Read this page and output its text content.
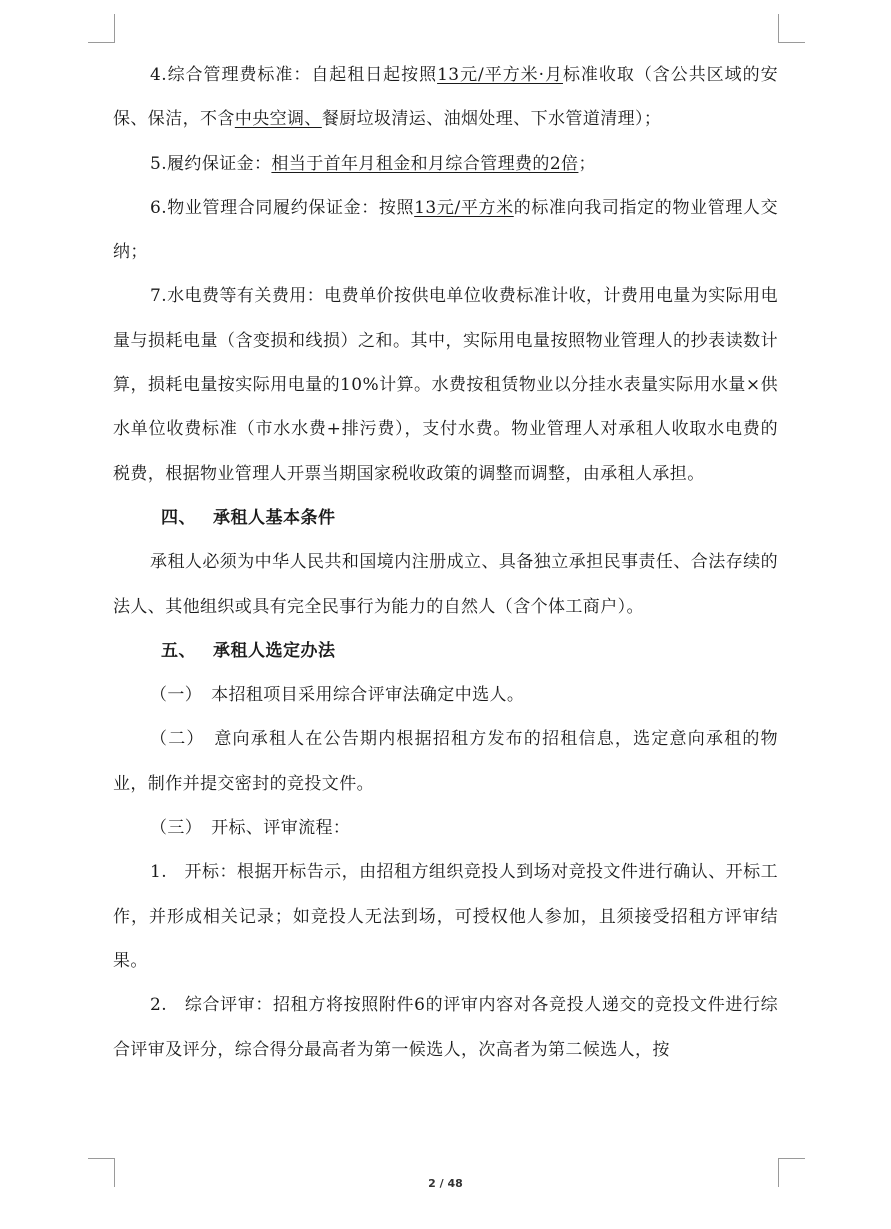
4.综合管理费标准：自起租日起按照13元/平方米·月标准收取（含公共区域的安保、保洁，不含中央空调、餐厨垃圾清运、油烟处理、下水管道清理）；

5.履约保证金：相当于首年月租金和月综合管理费的2倍；

6.物业管理合同履约保证金：按照13元/平方米的标准向我司指定的物业管理人交纳；

7.水电费等有关费用：电费单价按供电单位收费标准计收，计费用电量为实际用电量与损耗电量（含变损和线损）之和。其中，实际用电量按照物业管理人的抄表读数计算，损耗电量按实际用电量的10%计算。水费按租赁物业以分挂水表量实际用水量×供水单位收费标准（市水水费+排污费），支付水费。物业管理人对承租人收取水电费的税费，根据物业管理人开票当期国家税收政策的调整而调整，由承租人承担。

四、 承租人基本条件

承租人必须为中华人民共和国境内注册成立、具备独立承担民事责任、合法存续的法人、其他组织或具有完全民事行为能力的自然人（含个体工商户）。

五、 承租人选定办法

（一）　本招租项目采用综合评审法确定中选人。

（二）　意向承租人在公告期内根据招租方发布的招租信息，选定意向承租的物业，制作并提交密封的竞投文件。

（三）　开标、评审流程：

1.　开标：根据开标告示，由招租方组织竞投人到场对竞投文件进行确认、开标工作，并形成相关记录；如竞投人无法到场，可授权他人参加，且须接受招租方评审结果。

2.　综合评审：招租方将按照附件6的评审内容对各竞投人递交的竞投文件进行综合评审及评分，综合得分最高者为第一候选人，次高者为第二候选人，按

2 / 48
